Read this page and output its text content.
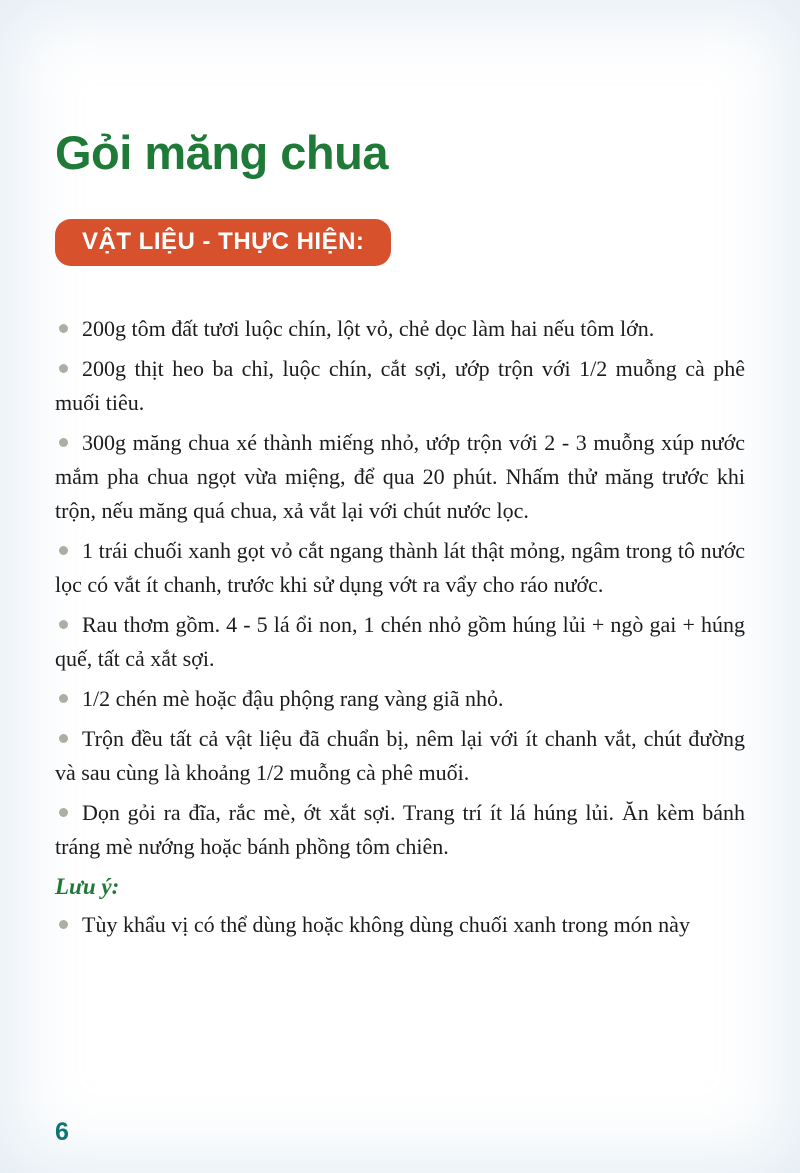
Gỏi măng chua
VẬT LIỆU - THỰC HIỆN:

200g tôm đất tươi luộc chín, lột vỏ, chẻ dọc làm hai nếu tôm lớn.

200g thịt heo ba chỉ, luộc chín, cắt sợi, ướp trộn với 1/2 muỗng cà phê muối tiêu.

300g măng chua xé thành miếng nhỏ, ướp trộn với 2 - 3 muỗng xúp nước mắm pha chua ngọt vừa miệng, để qua 20 phút. Nhấm thử măng trước khi trộn, nếu măng quá chua, xả vắt lại với chút nước lọc.

1 trái chuối xanh gọt vỏ cắt ngang thành lát thật mỏng, ngâm trong tô nước lọc có vắt ít chanh, trước khi sử dụng vớt ra vẩy cho ráo nước.

Rau thơm gồm. 4 - 5 lá ổi non, 1 chén nhỏ gồm húng lủi + ngò gai + húng quế, tất cả xắt sợi.

1/2 chén mè hoặc đậu phộng rang vàng giã nhỏ.

Trộn đều tất cả vật liệu đã chuẩn bị, nêm lại với ít chanh vắt, chút đường và sau cùng là khoảng 1/2 muỗng cà phê muối.

Dọn gỏi ra đĩa, rắc mè, ớt xắt sợi. Trang trí ít lá húng lủi. Ăn kèm bánh tráng mè nướng hoặc bánh phồng tôm chiên.

Lưu ý:

Tùy khẩu vị có thể dùng hoặc không dùng chuối xanh trong món này

6
